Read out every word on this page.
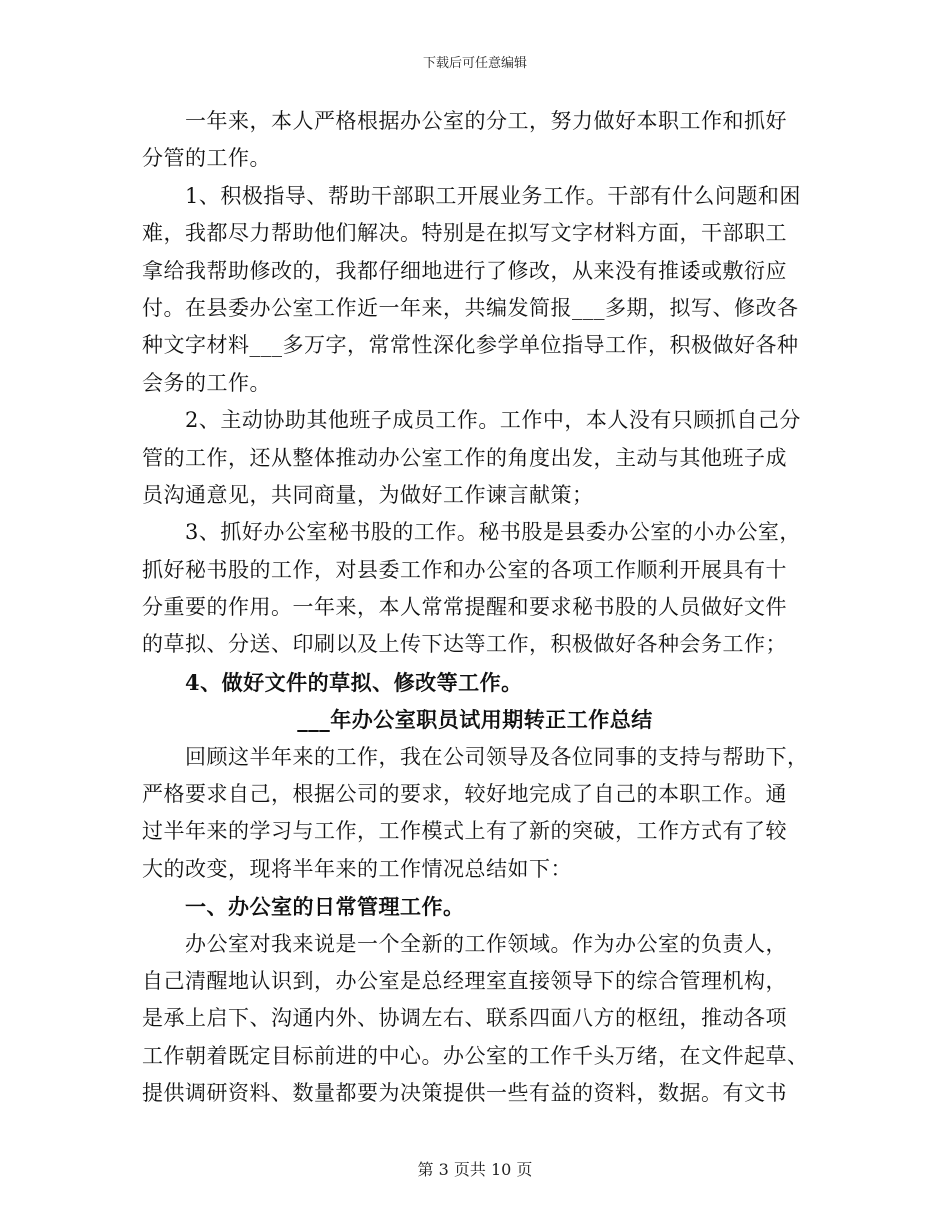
下载后可任意编辑
一年来，本人严格根据办公室的分工，努力做好本职工作和抓好
分管的工作。
1、积极指导、帮助干部职工开展业务工作。干部有什么问题和困
难，我都尽力帮助他们解决。特别是在拟写文字材料方面，干部职工
拿给我帮助修改的，我都仔细地进行了修改，从来没有推诿或敷衍应
付。在县委办公室工作近一年来，共编发简报___多期，拟写、修改各
种文字材料___多万字，常常性深化参学单位指导工作，积极做好各种
会务的工作。
2、主动协助其他班子成员工作。工作中，本人没有只顾抓自己分
管的工作，还从整体推动办公室工作的角度出发，主动与其他班子成
员沟通意见，共同商量，为做好工作谏言献策；
3、抓好办公室秘书股的工作。秘书股是县委办公室的小办公室，
抓好秘书股的工作，对县委工作和办公室的各项工作顺利开展具有十
分重要的作用。一年来，本人常常提醒和要求秘书股的人员做好文件
的草拟、分送、印刷以及上传下达等工作，积极做好各种会务工作；
4、做好文件的草拟、修改等工作。
___年办公室职员试用期转正工作总结
回顾这半年来的工作，我在公司领导及各位同事的支持与帮助下，
严格要求自己，根据公司的要求，较好地完成了自己的本职工作。通
过半年来的学习与工作，工作模式上有了新的突破，工作方式有了较
大的改变，现将半年来的工作情况总结如下：
一、办公室的日常管理工作。
办公室对我来说是一个全新的工作领域。作为办公室的负责人，
自己清醒地认识到，办公室是总经理室直接领导下的综合管理机构，
是承上启下、沟通内外、协调左右、联系四面八方的枢纽，推动各项
工作朝着既定目标前进的中心。办公室的工作千头万绪，在文件起草、
提供调研资料、数量都要为决策提供一些有益的资料，数据。有文书
第 3 页共 10 页
